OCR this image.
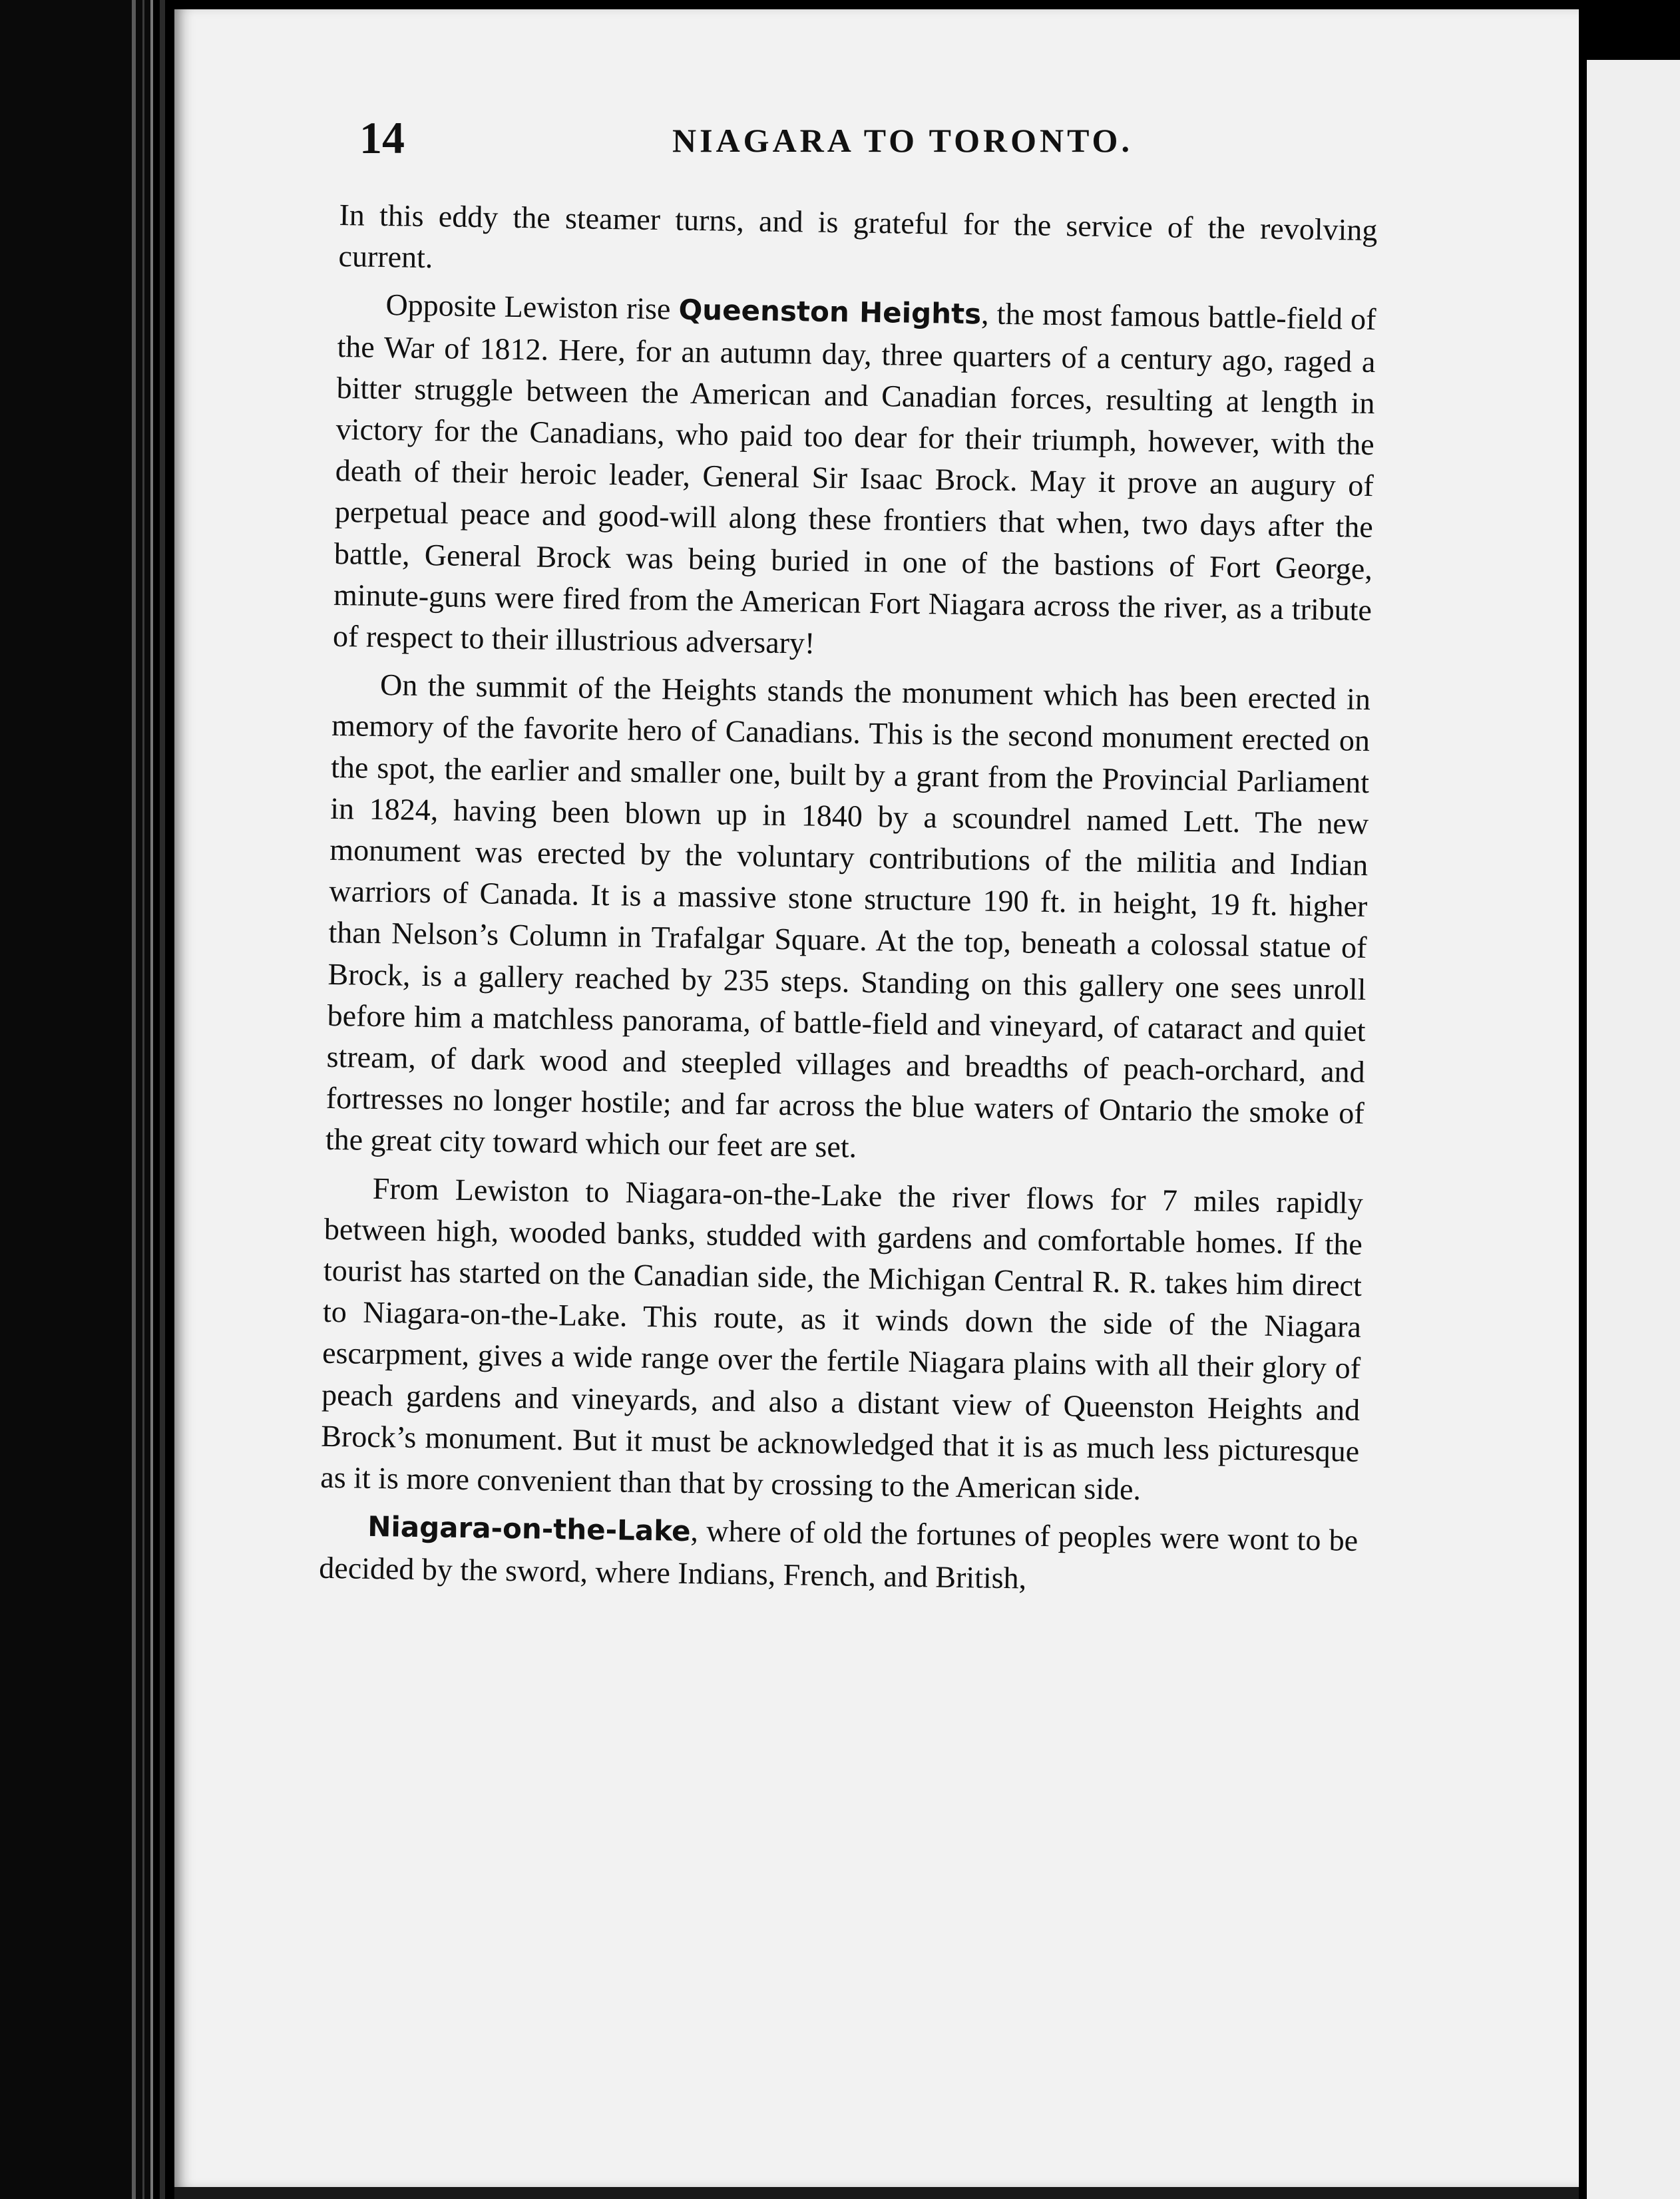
14	NIAGARA TO TORONTO.

In this eddy the steamer turns, and is grateful for the service of the revolving current.

Opposite Lewiston rise Queenston Heights, the most famous battle-field of the War of 1812. Here, for an autumn day, three quarters of a century ago, raged a bitter struggle between the American and Canadian forces, resulting at length in victory for the Canadians, who paid too dear for their triumph, however, with the death of their heroic leader, General Sir Isaac Brock. May it prove an augury of perpetual peace and good-will along these frontiers that when, two days after the battle, General Brock was being buried in one of the bastions of Fort George, minute-guns were fired from the American Fort Niagara across the river, as a tribute of respect to their illustrious adversary!

On the summit of the Heights stands the monument which has been erected in memory of the favorite hero of Canadians. This is the second monument erected on the spot, the earlier and smaller one, built by a grant from the Provincial Parliament in 1824, having been blown up in 1840 by a scoundrel named Lett. The new monument was erected by the voluntary contributions of the militia and Indian warriors of Canada. It is a massive stone structure 190 ft. in height, 19 ft. higher than Nelson’s Column in Trafalgar Square. At the top, beneath a colossal statue of Brock, is a gallery reached by 235 steps. Standing on this gallery one sees unroll before him a matchless panorama, of battle-field and vineyard, of cataract and quiet stream, of dark wood and steepled villages and breadths of peach-orchard, and fortresses no longer hostile; and far across the blue waters of Ontario the smoke of the great city toward which our feet are set.

From Lewiston to Niagara-on-the-Lake the river flows for 7 miles rapidly between high, wooded banks, studded with gardens and comfortable homes. If the tourist has started on the Canadian side, the Michigan Central R. R. takes him direct to Niagara-on-the-Lake. This route, as it winds down the side of the Niagara escarpment, gives a wide range over the fertile Niagara plains with all their glory of peach gardens and vineyards, and also a distant view of Queenston Heights and Brock’s monument. But it must be acknowledged that it is as much less picturesque as it is more convenient than that by crossing to the American side.

Niagara-on-the-Lake, where of old the fortunes of peoples were wont to be decided by the sword, where Indians, French, and British,
